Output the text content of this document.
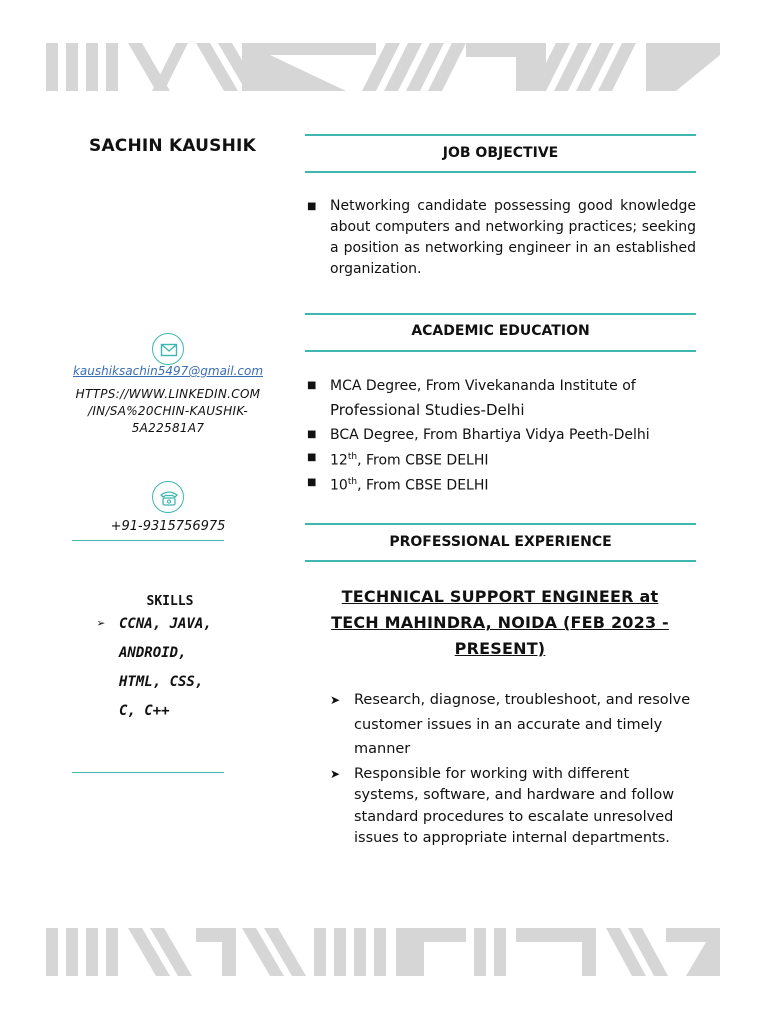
SACHIN KAUSHIK
kaushiksachin5497@gmail.com
HTTPS://WWW.LINKEDIN.COM
/IN/SA%20CHIN-KAUSHIK-
5A22581A7
+91-9315756975
SKILLS
➢ CCNA, JAVA,
ANDROID,
HTML, CSS,
C, C++
JOB OBJECTIVE
■ Networking candidate possessing good knowledge about computers and networking practices; seeking a position as networking engineer in an established organization.
ACADEMIC EDUCATION
■ MCA Degree, From Vivekananda Institute of
Professional Studies-Delhi
■ BCA Degree, From Bhartiya Vidya Peeth-Delhi
■ 12th, From CBSE DELHI
■ 10th, From CBSE DELHI
PROFESSIONAL EXPERIENCE
TECHNICAL SUPPORT ENGINEER at
TECH MAHINDRA, NOIDA (FEB 2023 -
PRESENT)
➤ Research, diagnose, troubleshoot, and resolve customer issues in an accurate and timely manner
➤ Responsible for working with different systems, software, and hardware and follow standard procedures to escalate unresolved issues to appropriate internal departments.
